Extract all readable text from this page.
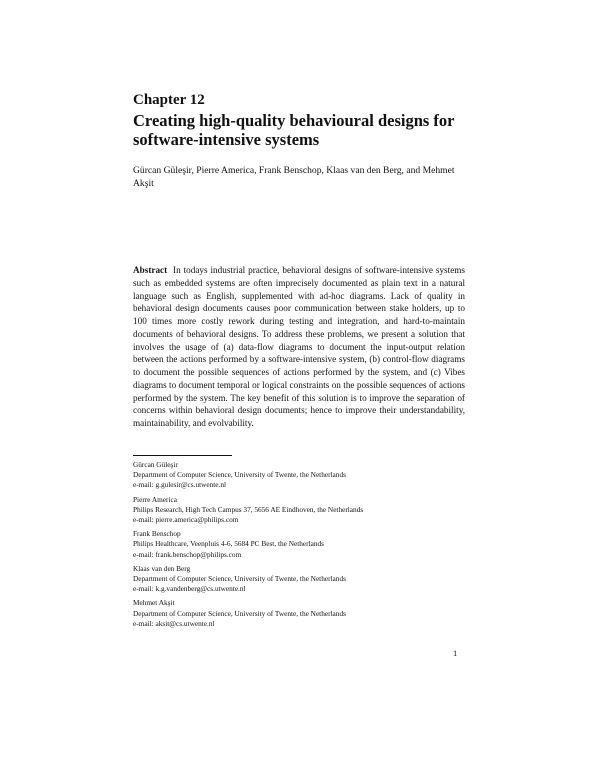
Chapter 12
Creating high-quality behavioural designs for software-intensive systems
Gürcan Güleşir, Pierre America, Frank Benschop, Klaas van den Berg, and Mehmet Akşit
Abstract In todays industrial practice, behavioral designs of software-intensive systems such as embedded systems are often imprecisely documented as plain text in a natural language such as English, supplemented with ad-hoc diagrams. Lack of quality in behavioral design documents causes poor communication between stake holders, up to 100 times more costly rework during testing and integration, and hard-to-maintain documents of behavioral designs. To address these problems, we present a solution that involves the usage of (a) data-flow diagrams to document the input-output relation between the actions performed by a software-intensive system, (b) control-flow diagrams to document the possible sequences of actions performed by the system, and (c) Vibes diagrams to document temporal or logical constraints on the possible sequences of actions performed by the system. The key benefit of this solution is to improve the separation of concerns within behavioral design documents; hence to improve their understandability, maintainability, and evolvability.
Gürcan Güleşir
Department of Computer Science, University of Twente, the Netherlands
e-mail: g.gulesir@cs.utwente.nl
Pierre America
Philips Research, High Tech Campus 37, 5656 AE Eindhoven, the Netherlands
e-mail: pierre.america@philips.com
Frank Benschop
Philips Healthcare, Veenpluis 4-6, 5684 PC Best, the Netherlands
e-mail: frank.benschop@philips.com
Klaas van den Berg
Department of Computer Science, University of Twente, the Netherlands
e-mail: k.g.vandenberg@cs.utwente.nl
Mehmet Akşit
Department of Computer Science, University of Twente, the Netherlands
e-mail: aksit@cs.utwente.nl
1
